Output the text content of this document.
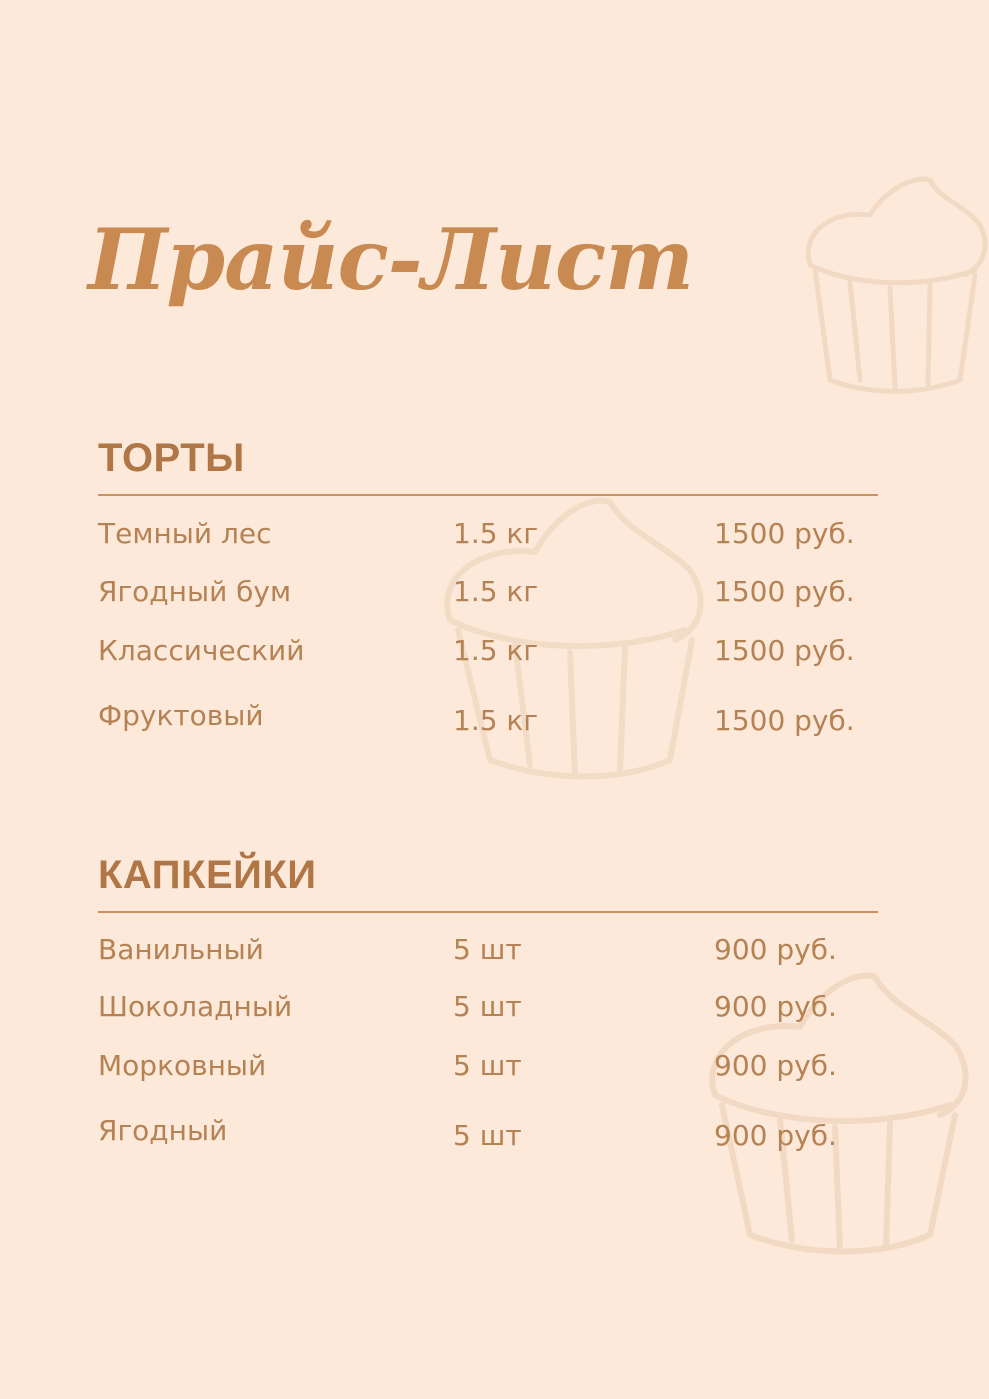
Прайс-Лист
ТОРТЫ
Темный лес	1.5 кг	1500 руб.
Ягодный бум	1.5 кг	1500 руб.
Классический	1.5 кг	1500 руб.
Фруктовый	1.5 кг	1500 руб.
КАПКЕЙКИ
Ванильный	5 шт	900 руб.
Шоколадный	5 шт	900 руб.
Морковный	5 шт	900 руб.
Ягодный	5 шт	900 руб.
